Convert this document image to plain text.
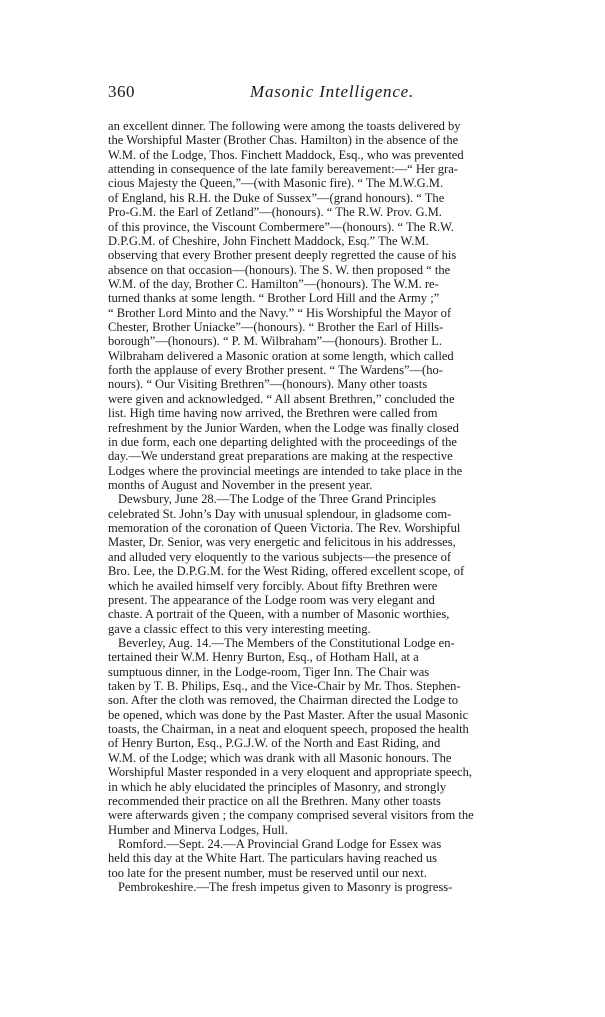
360	Masonic Intelligence.
an excellent dinner. The following were among the toasts delivered by
the Worshipful Master (Brother Chas. Hamilton) in the absence of the
W.M. of the Lodge, Thos. Finchett Maddock, Esq., who was prevented
attending in consequence of the late family bereavement:—“ Her gra-
cious Majesty the Queen,”—(with Masonic fire). “ The M.W.G.M.
of England, his R.H. the Duke of Sussex”—(grand honours). “ The
Pro-G.M. the Earl of Zetland”—(honours). “ The R.W. Prov. G.M.
of this province, the Viscount Combermere”—(honours). “ The R.W.
D.P.G.M. of Cheshire, John Finchett Maddock, Esq.” The W.M.
observing that every Brother present deeply regretted the cause of his
absence on that occasion—(honours). The S. W. then proposed “ the
W.M. of the day, Brother C. Hamilton”—(honours). The W.M. re-
turned thanks at some length. “ Brother Lord Hill and the Army ;”
“ Brother Lord Minto and the Navy.” “ His Worshipful the Mayor of
Chester, Brother Uniacke”—(honours). “ Brother the Earl of Hills-
borough”—(honours). “ P. M. Wilbraham”—(honours). Brother L.
Wilbraham delivered a Masonic oration at some length, which called
forth the applause of every Brother present. “ The Wardens”—(ho-
nours). “ Our Visiting Brethren”—(honours). Many other toasts
were given and acknowledged. “ All absent Brethren,” concluded the
list. High time having now arrived, the Brethren were called from
refreshment by the Junior Warden, when the Lodge was finally closed
in due form, each one departing delighted with the proceedings of the
day.—We understand great preparations are making at the respective
Lodges where the provincial meetings are intended to take place in the
months of August and November in the present year.
Dewsbury, June 28.—The Lodge of the Three Grand Principles
celebrated St. John’s Day with unusual splendour, in gladsome com-
memoration of the coronation of Queen Victoria. The Rev. Worshipful
Master, Dr. Senior, was very energetic and felicitous in his addresses,
and alluded very eloquently to the various subjects—the presence of
Bro. Lee, the D.P.G.M. for the West Riding, offered excellent scope, of
which he availed himself very forcibly. About fifty Brethren were
present. The appearance of the Lodge room was very elegant and
chaste. A portrait of the Queen, with a number of Masonic worthies,
gave a classic effect to this very interesting meeting.
Beverley, Aug. 14.—The Members of the Constitutional Lodge en-
tertained their W.M. Henry Burton, Esq., of Hotham Hall, at a
sumptuous dinner, in the Lodge-room, Tiger Inn. The Chair was
taken by T. B. Philips, Esq., and the Vice-Chair by Mr. Thos. Stephen-
son. After the cloth was removed, the Chairman directed the Lodge to
be opened, which was done by the Past Master. After the usual Masonic
toasts, the Chairman, in a neat and eloquent speech, proposed the health
of Henry Burton, Esq., P.G.J.W. of the North and East Riding, and
W.M. of the Lodge; which was drank with all Masonic honours. The
Worshipful Master responded in a very eloquent and appropriate speech,
in which he ably elucidated the principles of Masonry, and strongly
recommended their practice on all the Brethren. Many other toasts
were afterwards given ; the company comprised several visitors from the
Humber and Minerva Lodges, Hull.
Romford.—Sept. 24.—A Provincial Grand Lodge for Essex was
held this day at the White Hart. The particulars having reached us
too late for the present number, must be reserved until our next.
Pembrokeshire.—The fresh impetus given to Masonry is progress-
